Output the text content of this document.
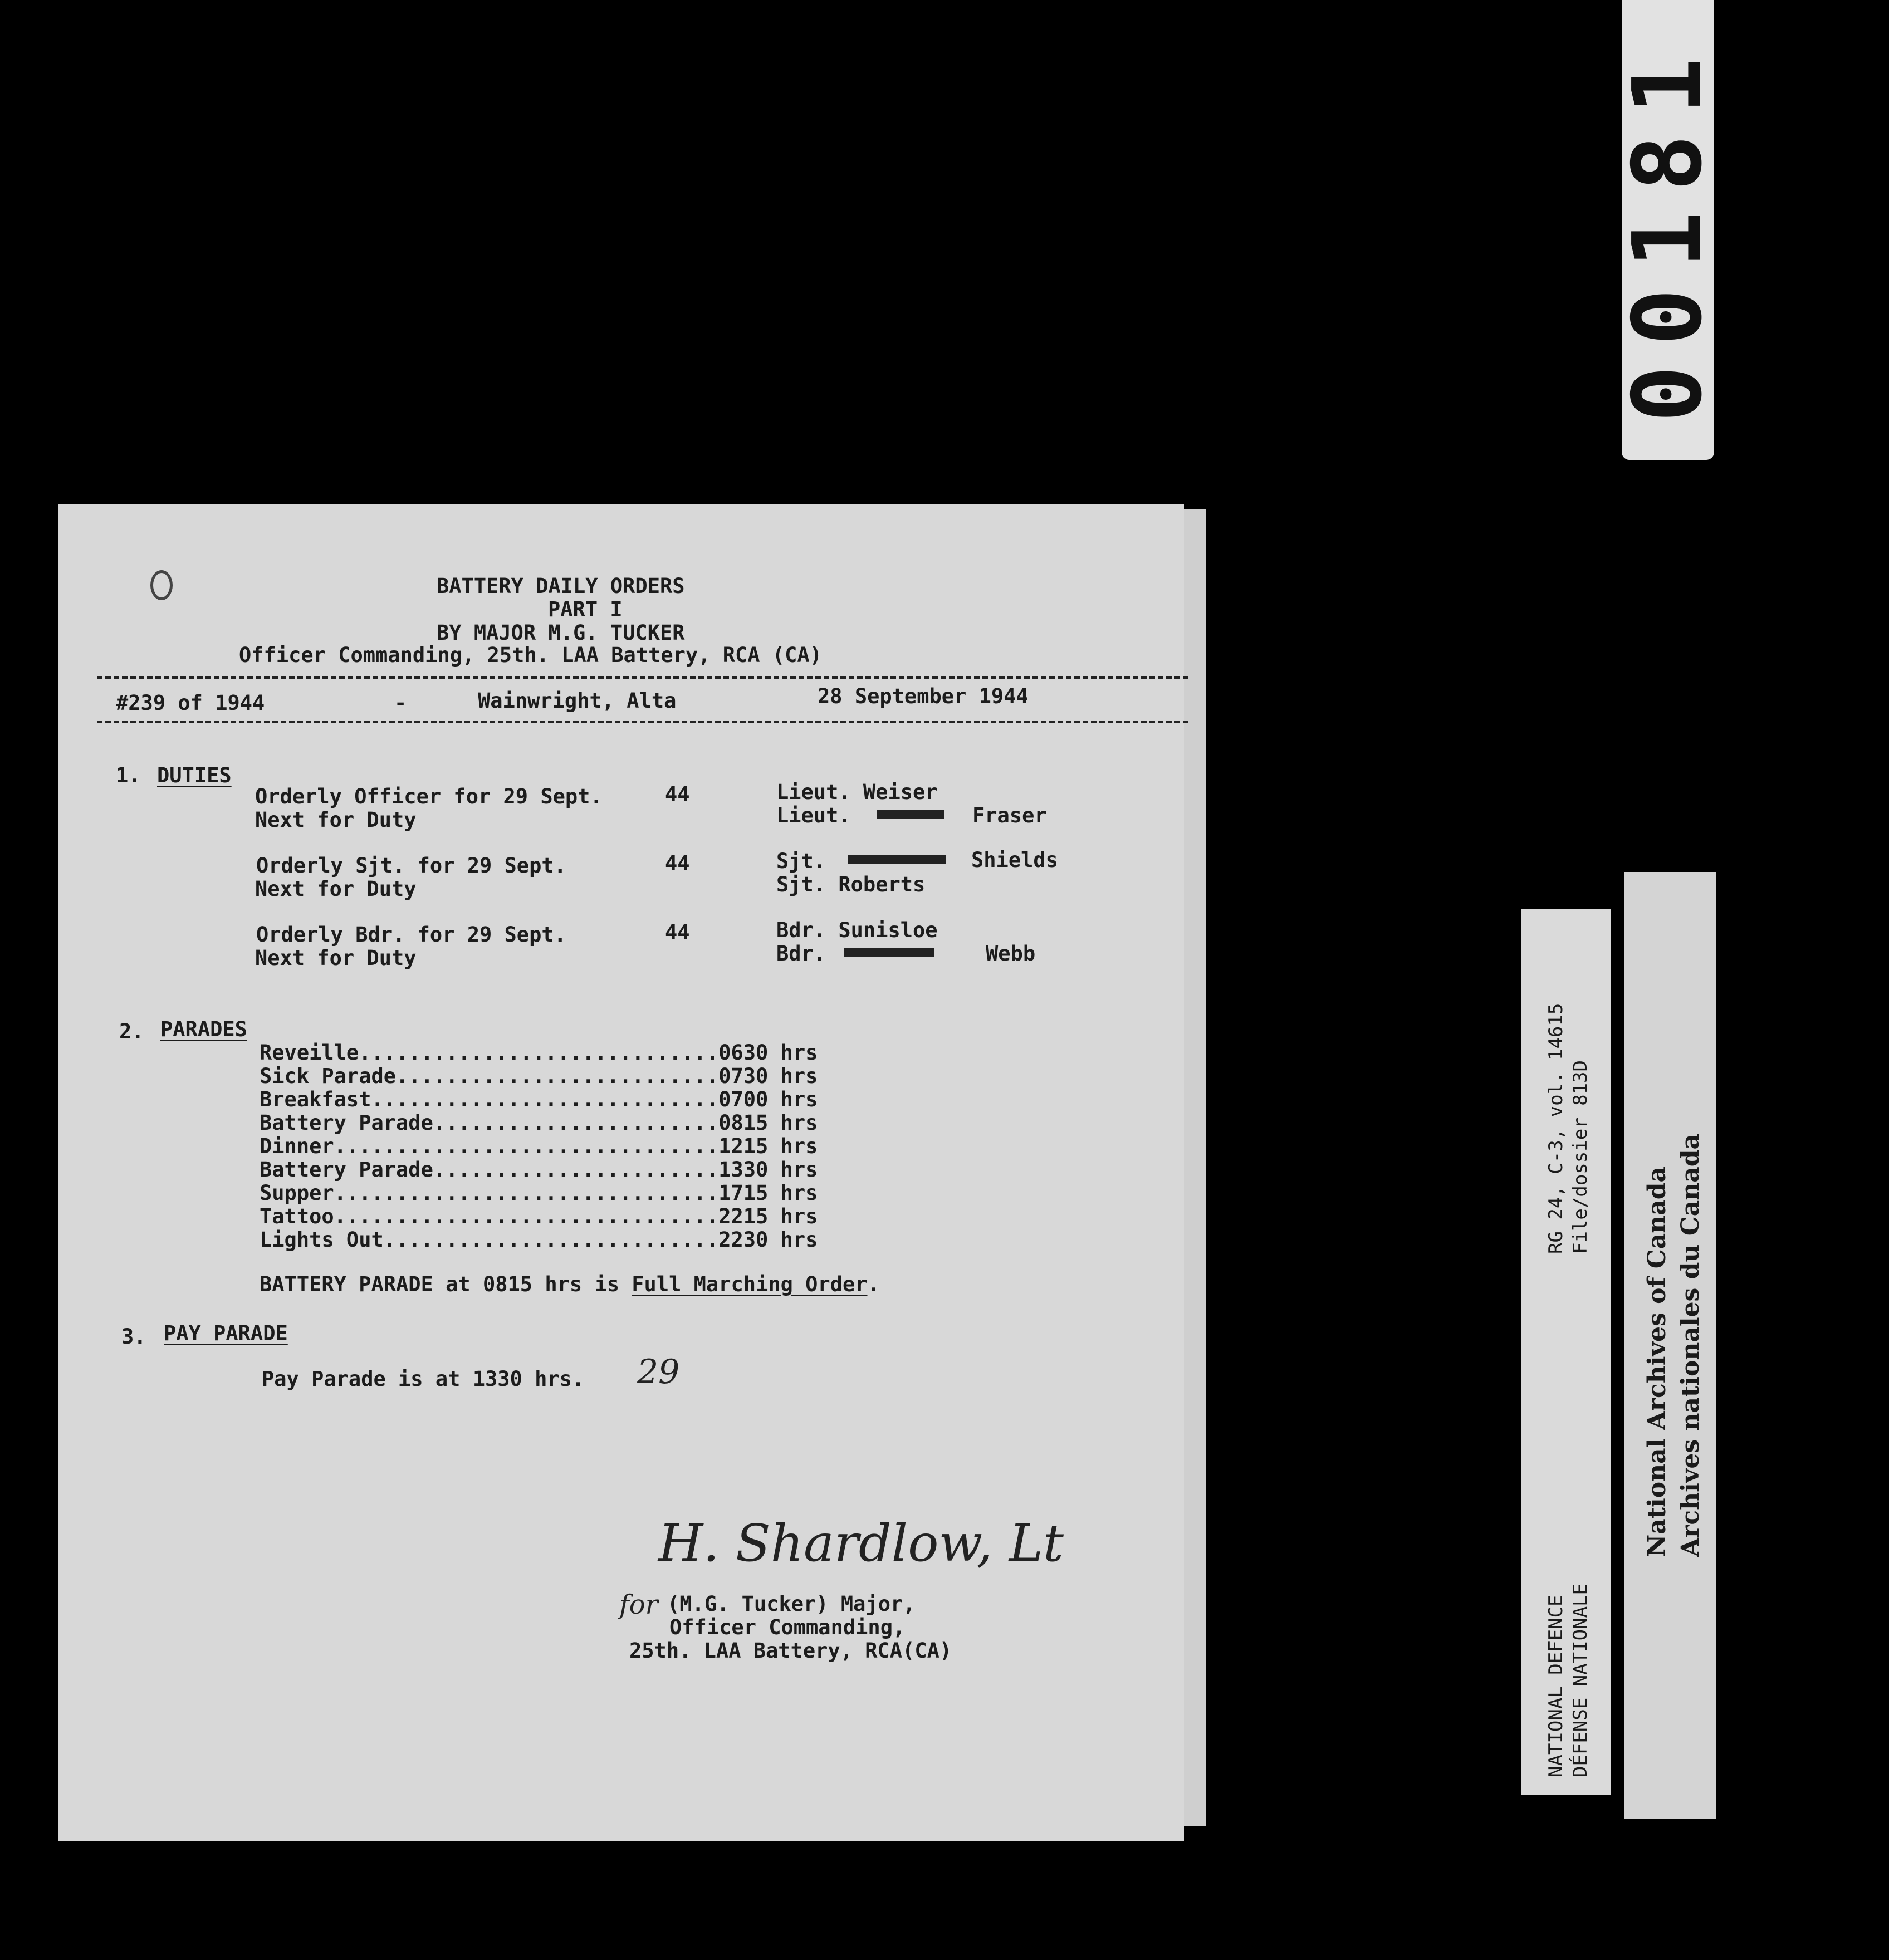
00181
BATTERY DAILY ORDERS
PART I
BY MAJOR M.G. TUCKER
Officer Commanding, 25th. LAA Battery, RCA (CA)
#239 of 1944	-	Wainwright, Alta	28 September 1944
1. DUTIES
Orderly Officer for 29 Sept.	44	Lieut. Weiser
Next for Duty	Lieut.	Fraser
Orderly Sjt. for 29 Sept.	44	Sjt.	Shields
Next for Duty	Sjt. Roberts
Orderly Bdr. for 29 Sept.	44	Bdr. Sunisloe
Next for Duty	Bdr.	Webb
2. PARADES
Reveille.............................0630 hrs
Sick Parade..........................0730 hrs
Breakfast............................0700 hrs
Battery Parade.......................0815 hrs
Dinner...............................1215 hrs
Battery Parade.......................1330 hrs
Supper...............................1715 hrs
Tattoo...............................2215 hrs
Lights Out...........................2230 hrs
BATTERY PARADE at 0815 hrs is Full Marching Order.
3. PAY PARADE
Pay Parade is at 1330 hrs. 29
H. Shardlow, Lt
for (M.G. Tucker) Major,
Officer Commanding,
25th. LAA Battery, RCA(CA)
RG 24, C-3, vol. 14615 File/dossier 813D
NATIONAL DEFENCE DÉFENSE NATIONALE
National Archives of Canada Archives nationales du Canada
